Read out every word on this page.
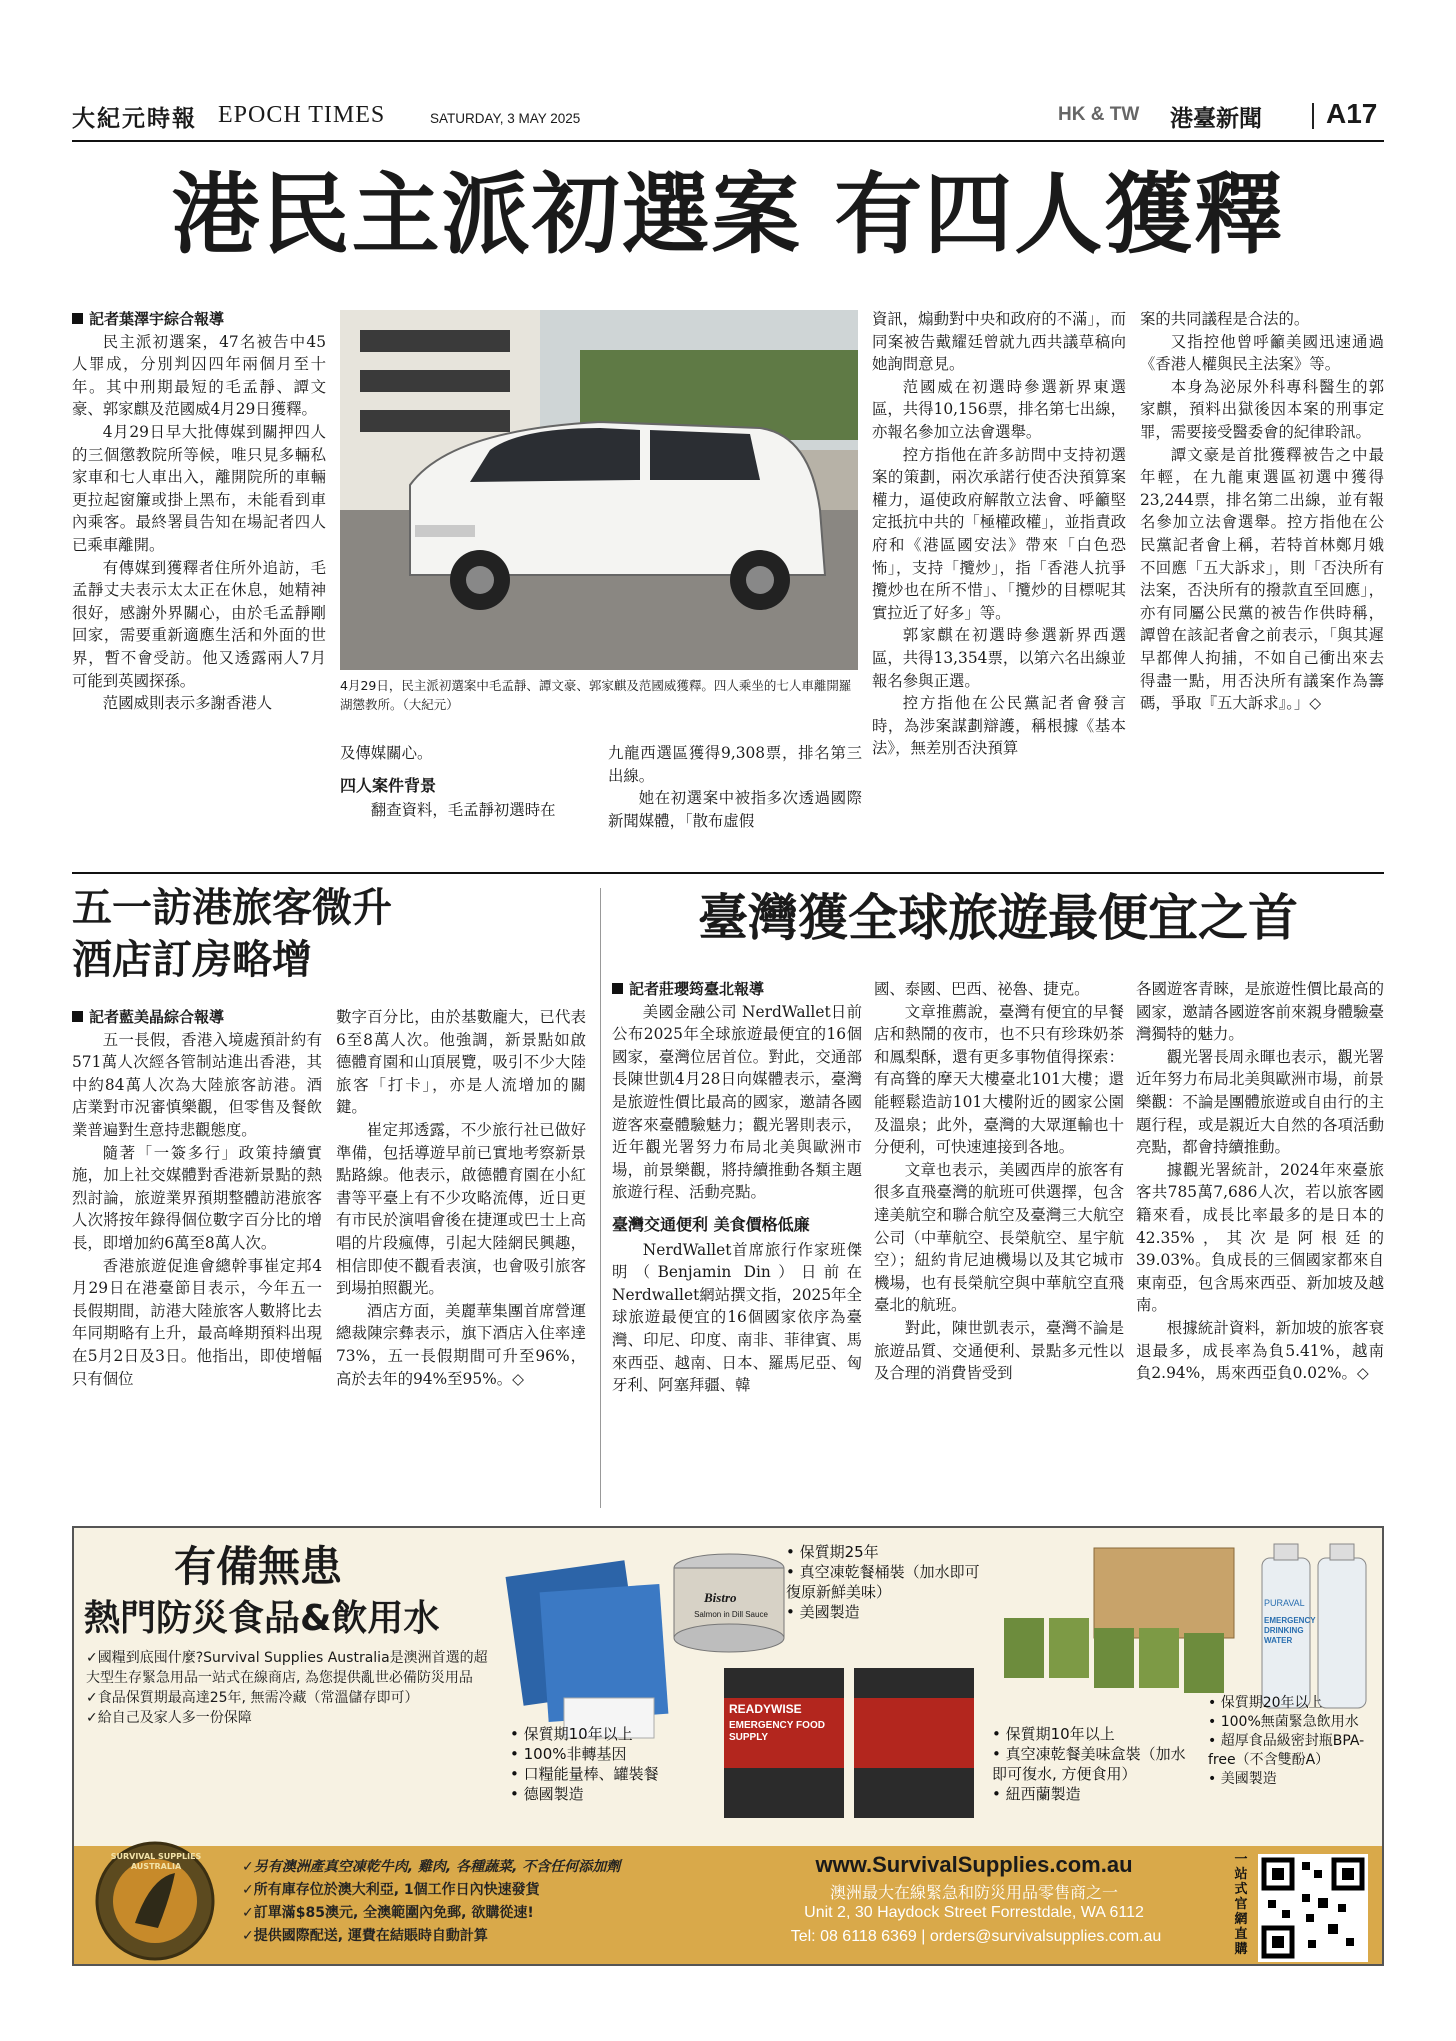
大紀元時報 EPOCH TIMES	SATURDAY, 3 MAY 2025	HK & TW 港臺新聞 A17
港民主派初選案 有四人獲釋
記者葉澤宇綜合報導

民主派初選案，47名被告中45人罪成，分別判囚四年兩個月至十年。其中刑期最短的毛孟靜、譚文豪、郭家麒及范國威4月29日獲釋。

4月29日早大批傳媒到關押四人的三個懲教院所等候，唯只見多輛私家車和七人車出入，離開院所的車輛更拉起窗簾或掛上黑布，未能看到車內乘客。最終署員告知在場記者四人已乘車離開。

有傳媒到獲釋者住所外追訪，毛孟靜丈夫表示太太正在休息，她精神很好，感謝外界關心，由於毛孟靜剛回家，需要重新適應生活和外面的世界，暫不會受訪。他又透露兩人7月可能到英國探孫。

范國威則表示多謝香港人

4月29日，民主派初選案中毛孟靜、譚文豪、郭家麒及范國威獲釋。四人乘坐的七人車離開羅湖懲教所。（大紀元）

及傳媒關心。

四人案件背景

翻查資料，毛孟靜初選時在

九龍西選區獲得9,308票，排名第三出線。

她在初選案中被指多次透過國際新聞媒體，「散布虛假

資訊，煽動對中央和政府的不滿」，而同案被告戴耀廷曾就九西共議草稿向她詢問意見。

范國威在初選時參選新界東選區，共得10,156票，排名第七出線，亦報名參加立法會選舉。

控方指他在許多訪問中支持初選案的策劃，兩次承諾行使否決預算案權力，逼使政府解散立法會、呼籲堅定抵抗中共的「極權政權」，並指責政府和《港區國安法》帶來「白色恐怖」，支持「攬炒」，指「香港人抗爭攬炒也在所不惜」、「攬炒的目標呢其實拉近了好多」等。

郭家麒在初選時參選新界西選區，共得13,354票，以第六名出線並報名參與正選。

控方指他在公民黨記者會發言時，為涉案謀劃辯護，稱根據《基本法》，無差別否決預算

案的共同議程是合法的。

又指控他曾呼籲美國迅速通過《香港人權與民主法案》等。

本身為泌尿外科專科醫生的郭家麒，預料出獄後因本案的刑事定罪，需要接受醫委會的紀律聆訊。

譚文豪是首批獲釋被告之中最年輕，在九龍東選區初選中獲得23,244票，排名第二出線，並有報名參加立法會選舉。控方指他在公民黨記者會上稱，若特首林鄭月娥不回應「五大訴求」，則「否決所有法案，否決所有的撥款直至回應」，亦有同屬公民黨的被告作供時稱，譚曾在該記者會之前表示，「與其遲早都俾人拘捕，不如自己衝出來去得盡一點，用否決所有議案作為籌碼，爭取『五大訴求』。」◇

五一訪港旅客微升
酒店訂房略增
記者藍美晶綜合報導

五一長假，香港入境處預計約有571萬人次經各管制站進出香港，其中約84萬人次為大陸旅客訪港。酒店業對市況審慎樂觀，但零售及餐飲業普遍對生意持悲觀態度。

隨著「一簽多行」政策持續實施，加上社交媒體對香港新景點的熱烈討論，旅遊業界預期整體訪港旅客人次將按年錄得個位數字百分比的增長，即增加約6萬至8萬人次。

香港旅遊促進會總幹事崔定邦4月29日在港臺節目表示，今年五一長假期間，訪港大陸旅客人數將比去年同期略有上升，最高峰期預料出現在5月2日及3日。他指出，即使增幅只有個位

數字百分比，由於基數龐大，已代表6至8萬人次。他強調，新景點如啟德體育園和山頂展覽，吸引不少大陸旅客「打卡」，亦是人流增加的關鍵。

崔定邦透露，不少旅行社已做好準備，包括導遊早前已實地考察新景點路線。他表示，啟德體育園在小紅書等平臺上有不少攻略流傳，近日更有市民於演唱會後在捷運或巴士上高唱的片段瘋傳，引起大陸網民興趣，相信即使不觀看表演，也會吸引旅客到場拍照觀光。

酒店方面，美麗華集團首席營運總裁陳宗彝表示，旗下酒店入住率達73%，五一長假期間可升至96%，高於去年的94%至95%。◇

臺灣獲全球旅遊最便宜之首
記者莊瓔筠臺北報導

美國金融公司 NerdWallet日前公布2025年全球旅遊最便宜的16個國家，臺灣位居首位。對此，交通部長陳世凱4月28日向媒體表示，臺灣是旅遊性價比最高的國家，邀請各國遊客來臺體驗魅力；觀光署則表示，近年觀光署努力布局北美與歐洲市場，前景樂觀，將持續推動各類主題旅遊行程、活動亮點。

臺灣交通便利 美食價格低廉

NerdWallet首席旅行作家班傑明（Benjamin Din）日前在Nerdwallet網站撰文指，2025年全球旅遊最便宜的16個國家依序為臺灣、印尼、印度、南非、菲律賓、馬來西亞、越南、日本、羅馬尼亞、匈牙利、阿塞拜疆、韓

國、泰國、巴西、祕魯、捷克。

文章推薦說，臺灣有便宜的早餐店和熱鬧的夜市，也不只有珍珠奶茶和鳳梨酥，還有更多事物值得探索：有高聳的摩天大樓臺北101大樓；還能輕鬆造訪101大樓附近的國家公園及溫泉；此外，臺灣的大眾運輸也十分便利，可快速連接到各地。

文章也表示，美國西岸的旅客有很多直飛臺灣的航班可供選擇，包含達美航空和聯合航空及臺灣三大航空公司（中華航空、長榮航空、星宇航空）；紐約肯尼迪機場以及其它城市機場，也有長榮航空與中華航空直飛臺北的航班。

對此，陳世凱表示，臺灣不論是旅遊品質、交通便利、景點多元性以及合理的消費皆受到

各國遊客青睞，是旅遊性價比最高的國家，邀請各國遊客前來親身體驗臺灣獨特的魅力。

觀光署長周永暉也表示，觀光署近年努力布局北美與歐洲市場，前景樂觀：不論是團體旅遊或自由行的主題行程，或是親近大自然的各項活動亮點，都會持續推動。

據觀光署統計，2024年來臺旅客共785萬7,686人次，若以旅客國籍來看，成長比率最多的是日本的42.35%，其次是阿根廷的39.03%。負成長的三個國家都來自東南亞，包含馬來西亞、新加坡及越南。

根據統計資料，新加坡的旅客衰退最多，成長率為負5.41%，越南負2.94%，馬來西亞負0.02%。◇

有備無患
熱門防災食品&飲用水
✓國糧到底囤什麼?Survival Supplies Australia是澳洲首選的超大型生存緊急用品一站式在線商店, 為您提供亂世必備防災用品
✓食品保質期最高達25年, 無需冷藏（常溫儲存即可）
✓給自己及家人多一份保障
Bistro
Salmon in Dill Sauce
READYWISE
EMERGENCY FOOD SUPPLY
PURAVAL
EMERGENCY DRINKING WATER
• 保質期10年以上
• 100%非轉基因
• 口糧能量棒、罐裝餐
• 德國製造
• 保質期25年
• 真空凍乾餐桶裝（加水即可復原新鮮美味）
• 美國製造
• 保質期10年以上
• 真空凍乾餐美味盒裝（加水即可復水, 方便食用）
• 紐西蘭製造
• 保質期20年以上
• 100%無菌緊急飲用水
• 超厚食品級密封瓶BPA-free（不含雙酚A）
• 美國製造
SURVIVAL SUPPLIES AUSTRALIA	✓另有澳洲產真空凍乾牛肉, 雞肉, 各種蔬菜, 不含任何添加劑
✓所有庫存位於澳大利亞, 1個工作日內快速發貨
✓訂單滿$85澳元, 全澳範圍內免郵, 欲購從速!
✓提供國際配送, 運費在結賬時自動計算
www.SurvivalSupplies.com.au
澳洲最大在線緊急和防災用品零售商之一
Unit 2, 30 Haydock Street Forrestdale, WA 6112
Tel: 08 6118 6369 | orders@survivalsupplies.com.au
一站式官網直購
